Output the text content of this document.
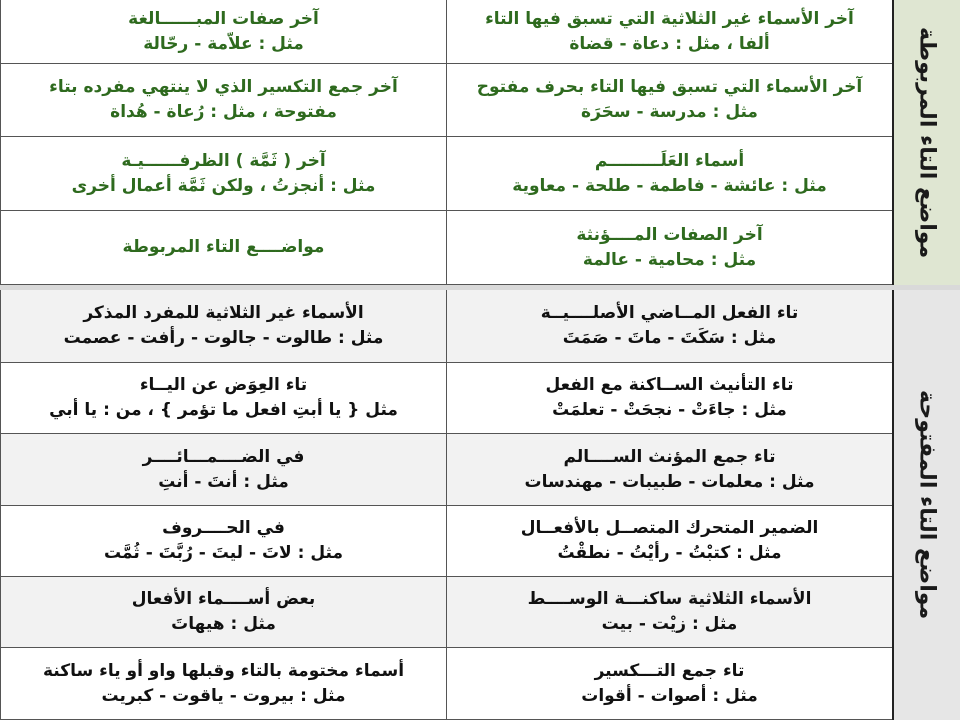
مواضع التاء المربوطة
آخر الأسماء غير الثلاثية التي تسبق فيها التاء
ألفا ، مثل : دعاة - قضاة
آخر صفات المبــــــالغة
مثل : علاّمة - رحّالة
آخر الأسماء التي تسبق فيها التاء بحرف مفتوح
مثل : مدرسة - سحَرَة
آخر جمع التكسير الذي لا ينتهي مفرده بتاء
مفتوحة ، مثل : رُعاة - هُداة
أسماء العَلَـــــــــم
مثل : عائشة - فاطمة - طلحة - معاوية
آخر ( ثَمَّة ) الظرفــــــيـة
مثل : أنجزتُ ، ولكن ثَمَّة أعمال أخرى
آخر الصفات المــــؤنثة
مثل : محامية - عالمة
مواضــــع التاء المربوطة
مواضع التاء المفتوحة
تاء الفعل المــاضي الأصلــــيــة
مثل : سَكَتَ - ماتَ - صَمَتَ
الأسماء غير الثلاثية للمفرد المذكر
مثل : طالوت - جالوت - رأفت - عصمت
تاء التأنيث الســاكنة مع الفعل
مثل : جاءَتْ - نجحَتْ - تعلمَتْ
تاء العِوَض عن اليــاء
مثل { يا أبتِ افعل ما تؤمر } ، من : يا أبي
تاء جمع المؤنث الســــالم
مثل : معلمات - طبيبات - مهندسات
في الضــــمـــائــــر
مثل : أنتَ - أنتِ
الضمير المتحرك المتصــل بالأفعــال
مثل : كتبْتُ - رأيْتُ - نطقْتُ
في الحــــروف
مثل : لاتَ - ليتَ - رُبَّتَ - ثُمَّت
الأسماء الثلاثية ساكنـــة الوســــط
مثل : زيْت - بيت
بعض أســــماء الأفعال
مثل : هيهاتَ
تاء جمع التـــكسير
مثل : أصوات - أقوات
أسماء مختومة بالتاء وقبلها واو أو ياء ساكنة
مثل : بيروت - ياقوت - كبريت
